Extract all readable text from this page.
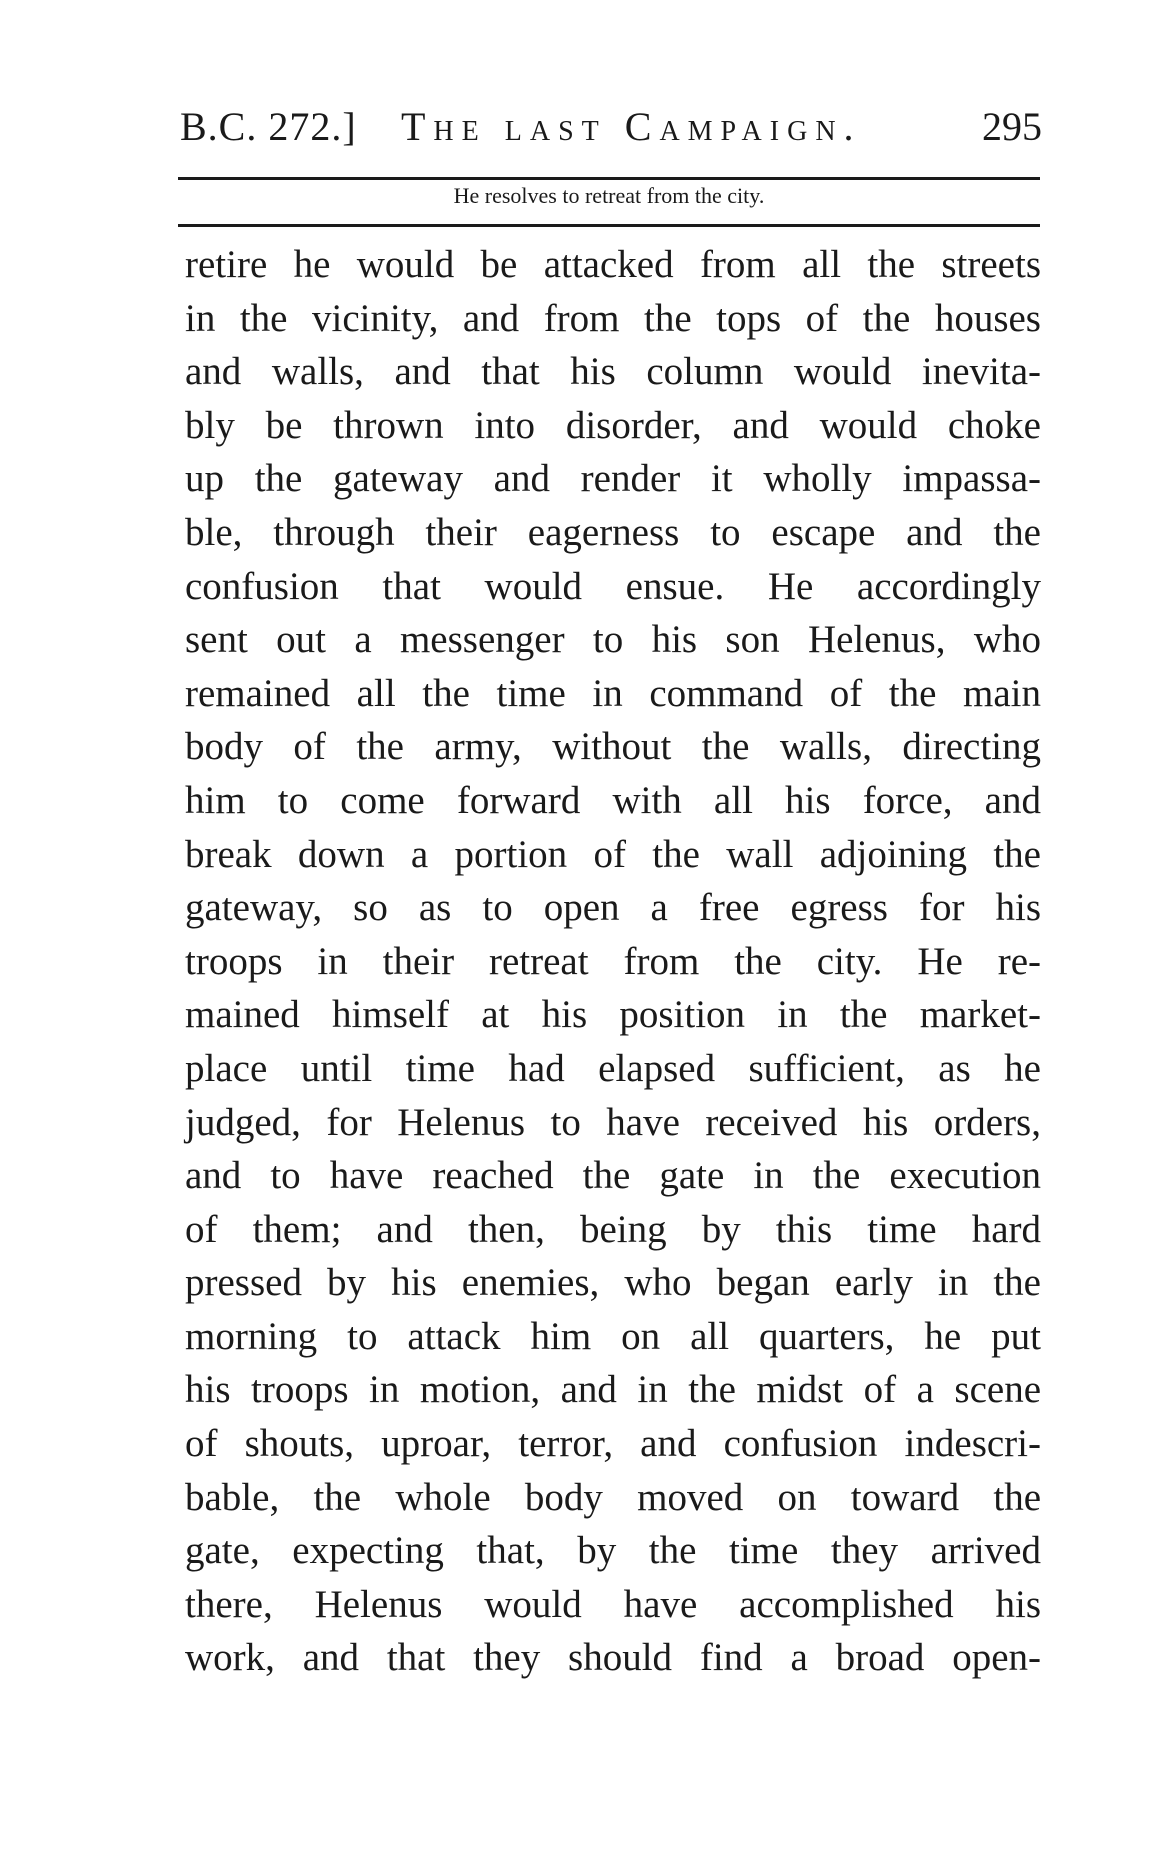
B.C. 272.] The last Campaign.	295
He resolves to retreat from the city.
retire he would be attacked from all the streets
in the vicinity, and from the tops of the houses
and walls, and that his column would inevita-
bly be thrown into disorder, and would choke
up the gateway and render it wholly impassa-
ble, through their eagerness to escape and the
confusion that would ensue. He accordingly
sent out a messenger to his son Helenus, who
remained all the time in command of the main
body of the army, without the walls, directing
him to come forward with all his force, and
break down a portion of the wall adjoining the
gateway, so as to open a free egress for his
troops in their retreat from the city. He re-
mained himself at his position in the market-
place until time had elapsed sufficient, as he
judged, for Helenus to have received his orders,
and to have reached the gate in the execution
of them; and then, being by this time hard
pressed by his enemies, who began early in the
morning to attack him on all quarters, he put
his troops in motion, and in the midst of a scene
of shouts, uproar, terror, and confusion indescri-
bable, the whole body moved on toward the
gate, expecting that, by the time they arrived
there, Helenus would have accomplished his
work, and that they should find a broad open-
